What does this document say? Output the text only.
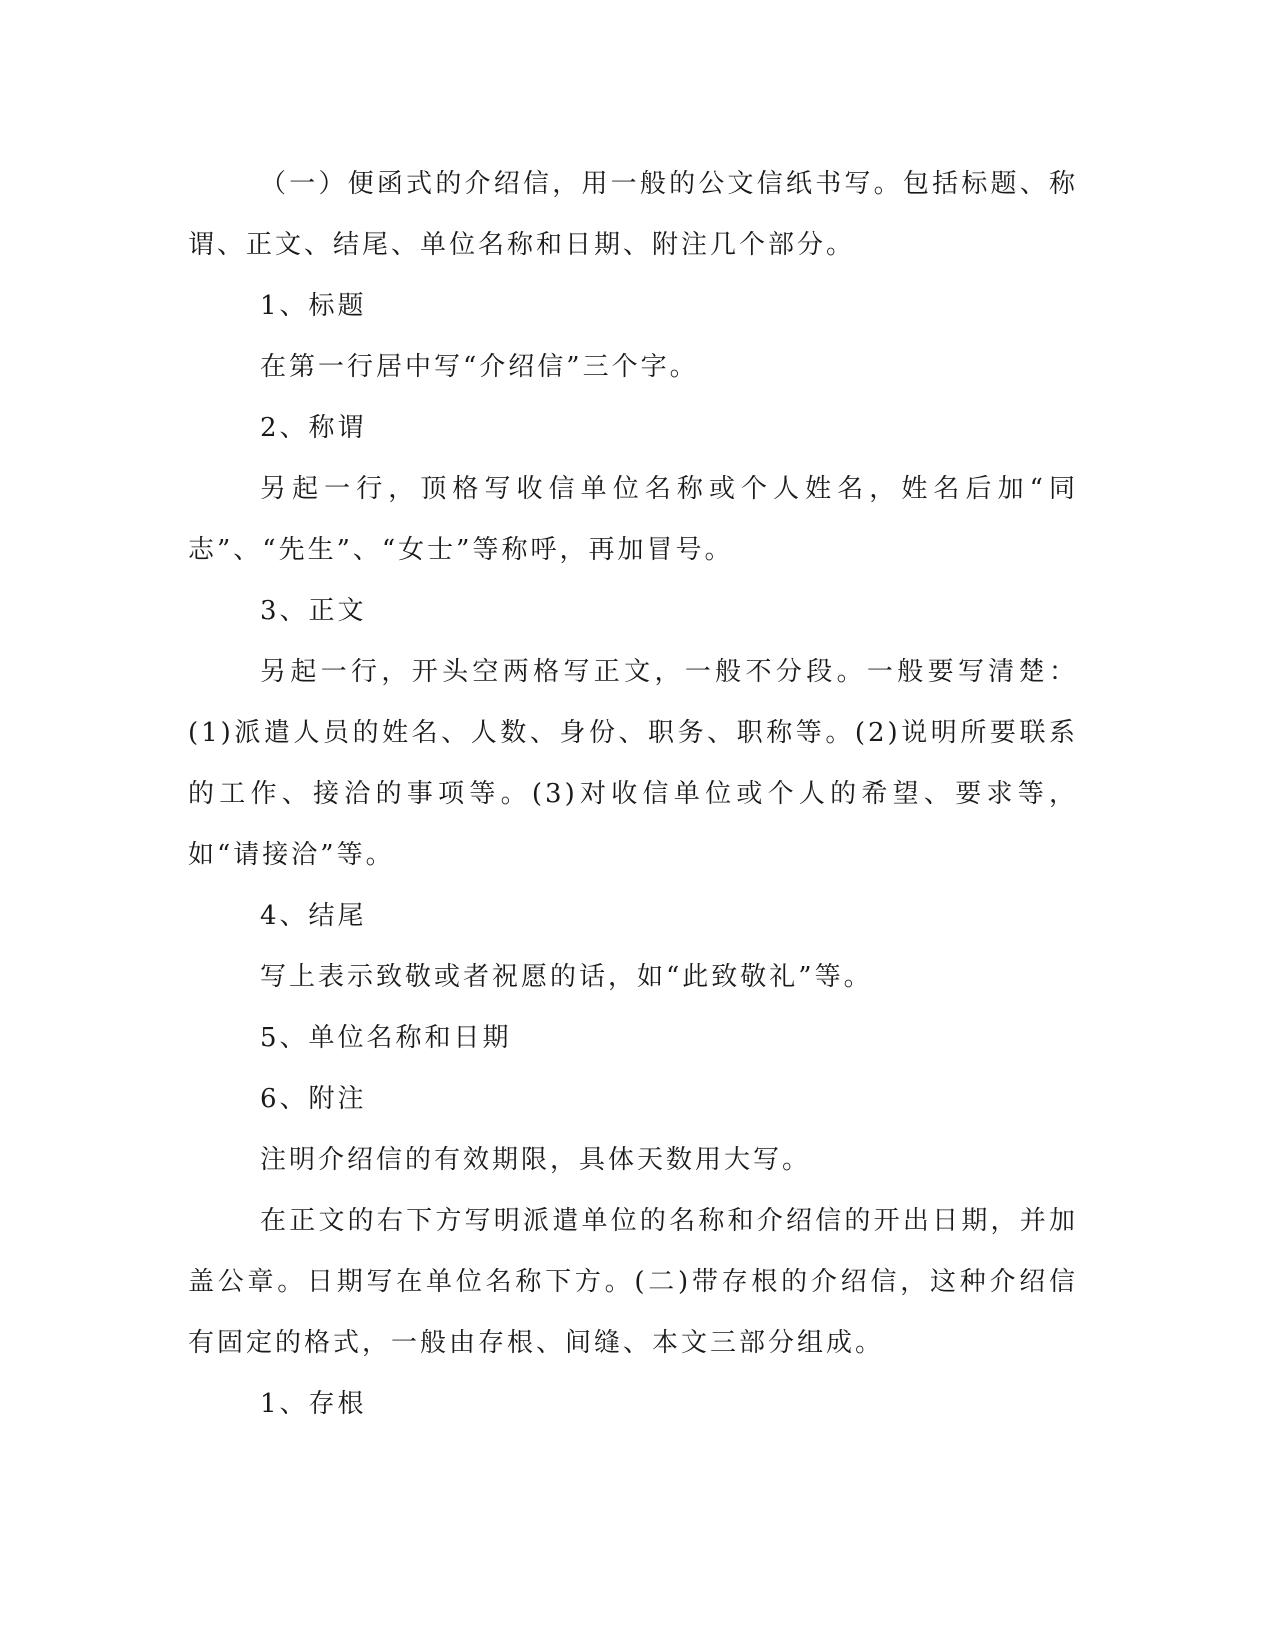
（一）便函式的介绍信，用一般的公文信纸书写。包括标题、称谓、正文、结尾、单位名称和日期、附注几个部分。

1、标题

在第一行居中写“介绍信”三个字。

2、称谓

另起一行，顶格写收信单位名称或个人姓名，姓名后加“同志”、“先生”、“女士”等称呼，再加冒号。

3、正文

另起一行，开头空两格写正文，一般不分段。一般要写清楚：(1)派遣人员的姓名、人数、身份、职务、职称等。(2)说明所要联系的工作、接洽的事项等。(3)对收信单位或个人的希望、要求等，如“请接洽”等。

4、结尾

写上表示致敬或者祝愿的话，如“此致敬礼”等。

5、单位名称和日期

6、附注

注明介绍信的有效期限，具体天数用大写。

在正文的右下方写明派遣单位的名称和介绍信的开出日期，并加盖公章。日期写在单位名称下方。(二)带存根的介绍信，这种介绍信有固定的格式，一般由存根、间缝、本文三部分组成。

1、存根
